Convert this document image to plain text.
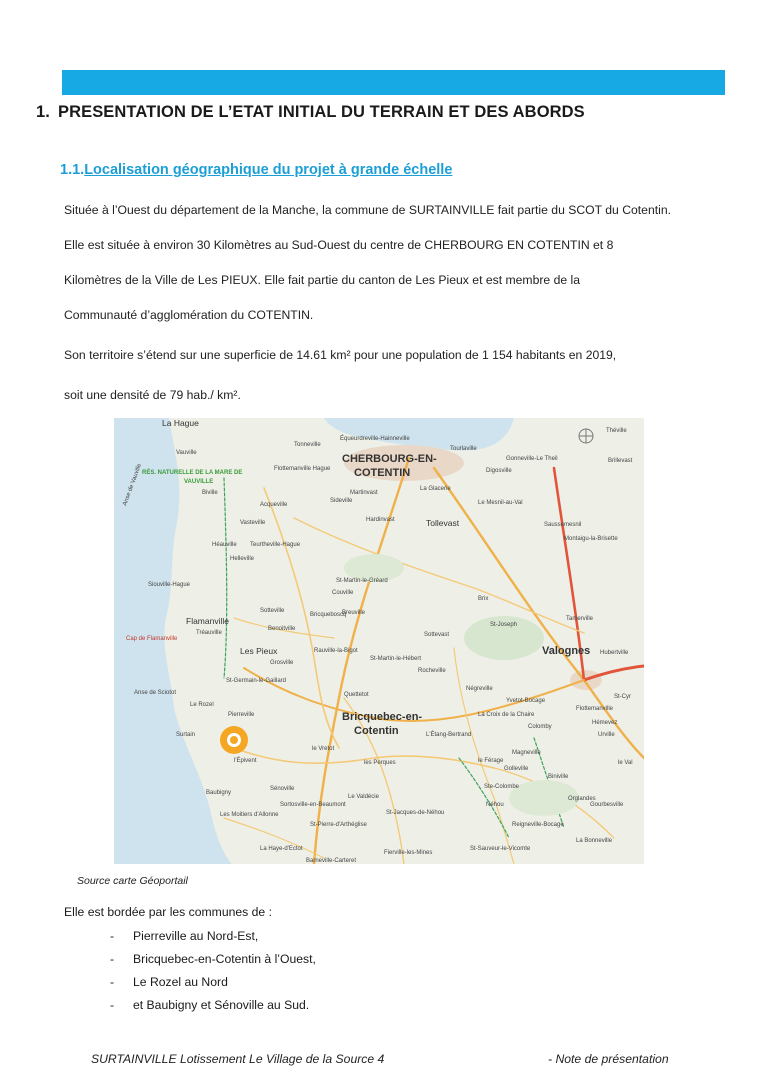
1. PRESENTATION DE L’ETAT INITIAL DU TERRAIN ET DES ABORDS
1.1.Localisation géographique du projet à grande échelle
Située à l’Ouest du département de la Manche, la commune de SURTAINVILLE fait partie du SCOT du Cotentin.
Elle est située à environ 30 Kilomètres au Sud-Ouest du centre de CHERBOURG EN COTENTIN et 8
Kilomètres de la Ville de Les PIEUX. Elle fait partie du canton de Les Pieux et est membre de la
Communauté d’agglomération du COTENTIN.
Son territoire s’étend sur une superficie de 14.61 km² pour une population de 1 154 habitants en 2019,
soit une densité de 79 hab./ km².
La Hague
CHERBOURG-EN-
COTENTIN
RÉS. NATURELLE DE LA MARE DE
VAUVILLE
Anse de Vauville
Flamanville
Cap de Flamanville
Les Pieux
Anse de Sciotot
Surtain
Bricquebec-en-
Cotentin
Valognes
Tollevast
Brix
Tourlaville
Gonneville-Le Theil
Digosville
Martinvast
Sideville
Hardinvast
Helleville
Sotteville
Benoitville
Grosville
Pierreville
Le Rozel
Baubigny
Sénoville
le Vretot
Quettetot
Négreville
Sottevast
Rauville-la-Bigot
Couville
Vasteville
Acqueville
Flottemanville Hague
Tamerville
Hubertville
St-Sauveur-le-Vicomte
Barneville-Carteret
La Haye-d'Ectot
Les Moitiers d'Allonne
Théville
Brillevast
Saussemesnil
Yvetot-Bocage
Colomby
Golleville
Orglandes
Néhou
Biniville
l'Épivent
Sortosville-en-Beaumont
St-Pierre-d'Arthéglise
Le Valdécie
St-Jacques-de-Néhou
Fierville-les-Mines
Reigneville-Bocage
La Bonneville
St-Germain-le-Gaillard
Tréauville
Siouville-Hague
Héauville Teurtheville-Hague
Vauville
Biville
Breuville
Bricqueboscq
St-Martin-le-Gréard
St-Martin-le-Hébert
Rocheville
St-Joseph
Le Mesnil-au-Val
La Glacerie
Équeurdreville-Hainneville
Tonneville
Urville
Flottemanville
La Croix de la Chaire
L'Étang-Bertrand
les Perques
Ste-Colombe
Magneville
le Férage
Gourbesville
Montaigu-la-Brisette
St-Cyr
Hémevez
le Val
Source carte Géoportail
Elle est bordée par les communes de :
- Pierreville au Nord-Est,
- Bricquebec-en-Cotentin à l’Ouest,
- Le Rozel au Nord
- et Baubigny et Sénoville au Sud.
SURTAINVILLE Lotissement Le Village de la Source 4	- Note de présentation
